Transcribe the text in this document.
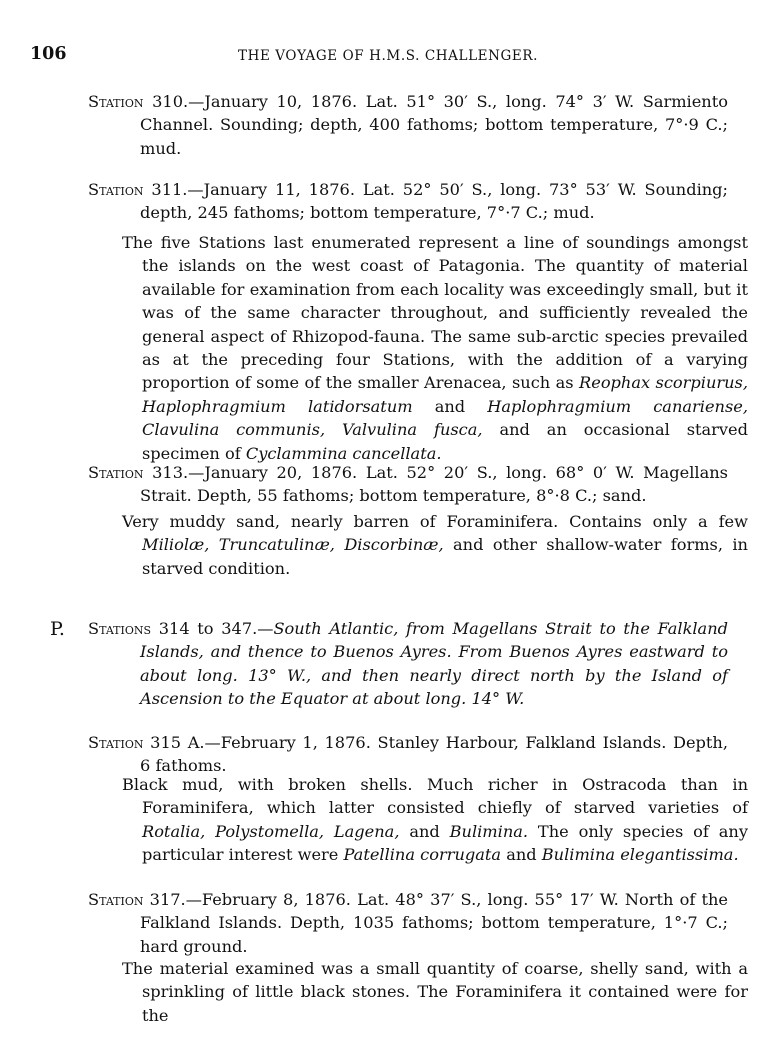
106	THE VOYAGE OF H.M.S. CHALLENGER.

Station 310.—January 10, 1876. Lat. 51° 30′ S., long. 74° 3′ W. Sarmiento Channel. Sounding; depth, 400 fathoms; bottom temperature, 7°·9 C.; mud.

Station 311.—January 11, 1876. Lat. 52° 50′ S., long. 73° 53′ W. Sounding; depth, 245 fathoms; bottom temperature, 7°·7 C.; mud.

The five Stations last enumerated represent a line of soundings amongst the islands on the west coast of Patagonia. The quantity of material available for examination from each locality was exceedingly small, but it was of the same character throughout, and sufficiently revealed the general aspect of Rhizopod-fauna. The same sub-arctic species prevailed as at the preceding four Stations, with the addition of a varying proportion of some of the smaller Arenacea, such as Reophax scorpiurus, Haplophragmium latidorsatum and Haplophragmium canariense, Clavulina communis, Valvulina fusca, and an occasional starved specimen of Cyclammina cancellata.

Station 313.—January 20, 1876. Lat. 52° 20′ S., long. 68° 0′ W. Magellans Strait. Depth, 55 fathoms; bottom temperature, 8°·8 C.; sand.

Very muddy sand, nearly barren of Foraminifera. Contains only a few Miliolæ, Truncatulinæ, Discorbinæ, and other shallow-water forms, in starved condition.

P. Stations 314 to 347.—South Atlantic, from Magellans Strait to the Falkland Islands, and thence to Buenos Ayres. From Buenos Ayres eastward to about long. 13° W., and then nearly direct north by the Island of Ascension to the Equator at about long. 14° W.

Station 315 A.—February 1, 1876. Stanley Harbour, Falkland Islands. Depth, 6 fathoms.

Black mud, with broken shells. Much richer in Ostracoda than in Foraminifera, which latter consisted chiefly of starved varieties of Rotalia, Polystomella, Lagena, and Bulimina. The only species of any particular interest were Patellina corrugata and Bulimina elegantissima.

Station 317.—February 8, 1876. Lat. 48° 37′ S., long. 55° 17′ W. North of the Falkland Islands. Depth, 1035 fathoms; bottom temperature, 1°·7 C.; hard ground.

The material examined was a small quantity of coarse, shelly sand, with a sprinkling of little black stones. The Foraminifera it contained were for the
